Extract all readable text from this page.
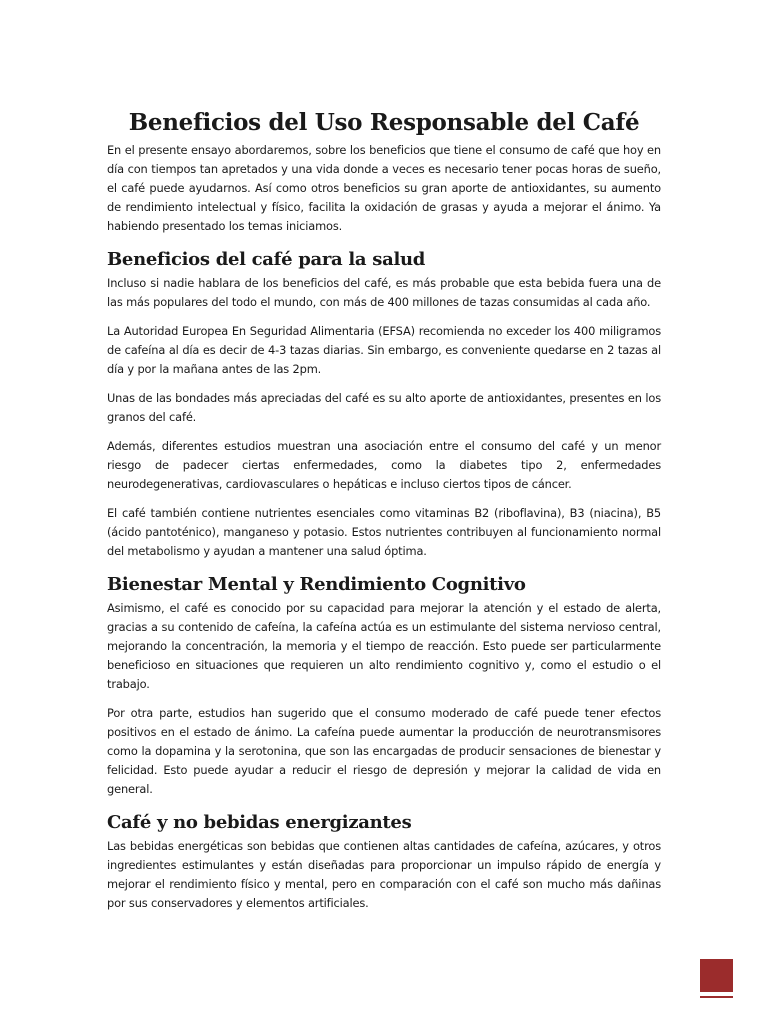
Beneficios del Uso Responsable del Café

En el presente ensayo abordaremos, sobre los beneficios que tiene el consumo de café que hoy en día con tiempos tan apretados y una vida donde a veces es necesario tener pocas horas de sueño, el café puede ayudarnos. Así como otros beneficios su gran aporte de antioxidantes, su aumento de rendimiento intelectual y físico, facilita la oxidación de grasas y ayuda a mejorar el ánimo. Ya habiendo presentado los temas iniciamos.

Beneficios del café para la salud

Incluso si nadie hablara de los beneficios del café, es más probable que esta bebida fuera una de las más populares del todo el mundo, con más de 400 millones de tazas consumidas al cada año.

La Autoridad Europea En Seguridad Alimentaria (EFSA) recomienda no exceder los 400 miligramos de cafeína al día es decir de 4-3 tazas diarias. Sin embargo, es conveniente quedarse en 2 tazas al día y por la mañana antes de las 2pm.

Unas de las bondades más apreciadas del café es su alto aporte de antioxidantes, presentes en los granos del café.

Además, diferentes estudios muestran una asociación entre el consumo del café y un menor riesgo de padecer ciertas enfermedades, como la diabetes tipo 2, enfermedades neurodegenerativas, cardiovasculares o hepáticas e incluso ciertos tipos de cáncer.

El café también contiene nutrientes esenciales como vitaminas B2 (riboflavina), B3 (niacina), B5 (ácido pantoténico), manganeso y potasio. Estos nutrientes contribuyen al funcionamiento normal del metabolismo y ayudan a mantener una salud óptima.

Bienestar Mental y Rendimiento Cognitivo

Asimismo, el café es conocido por su capacidad para mejorar la atención y el estado de alerta, gracias a su contenido de cafeína, la cafeína actúa es un estimulante del sistema nervioso central, mejorando la concentración, la memoria y el tiempo de reacción. Esto puede ser particularmente beneficioso en situaciones que requieren un alto rendimiento cognitivo y, como el estudio o el trabajo.

Por otra parte, estudios han sugerido que el consumo moderado de café puede tener efectos positivos en el estado de ánimo. La cafeína puede aumentar la producción de neurotransmisores como la dopamina y la serotonina, que son las encargadas de producir sensaciones de bienestar y felicidad. Esto puede ayudar a reducir el riesgo de depresión y mejorar la calidad de vida en general.

Café y no bebidas energizantes

Las bebidas energéticas son bebidas que contienen altas cantidades de cafeína, azúcares, y otros ingredientes estimulantes y están diseñadas para proporcionar un impulso rápido de energía y mejorar el rendimiento físico y mental, pero en comparación con el café son mucho más dañinas por sus conservadores y elementos artificiales.
